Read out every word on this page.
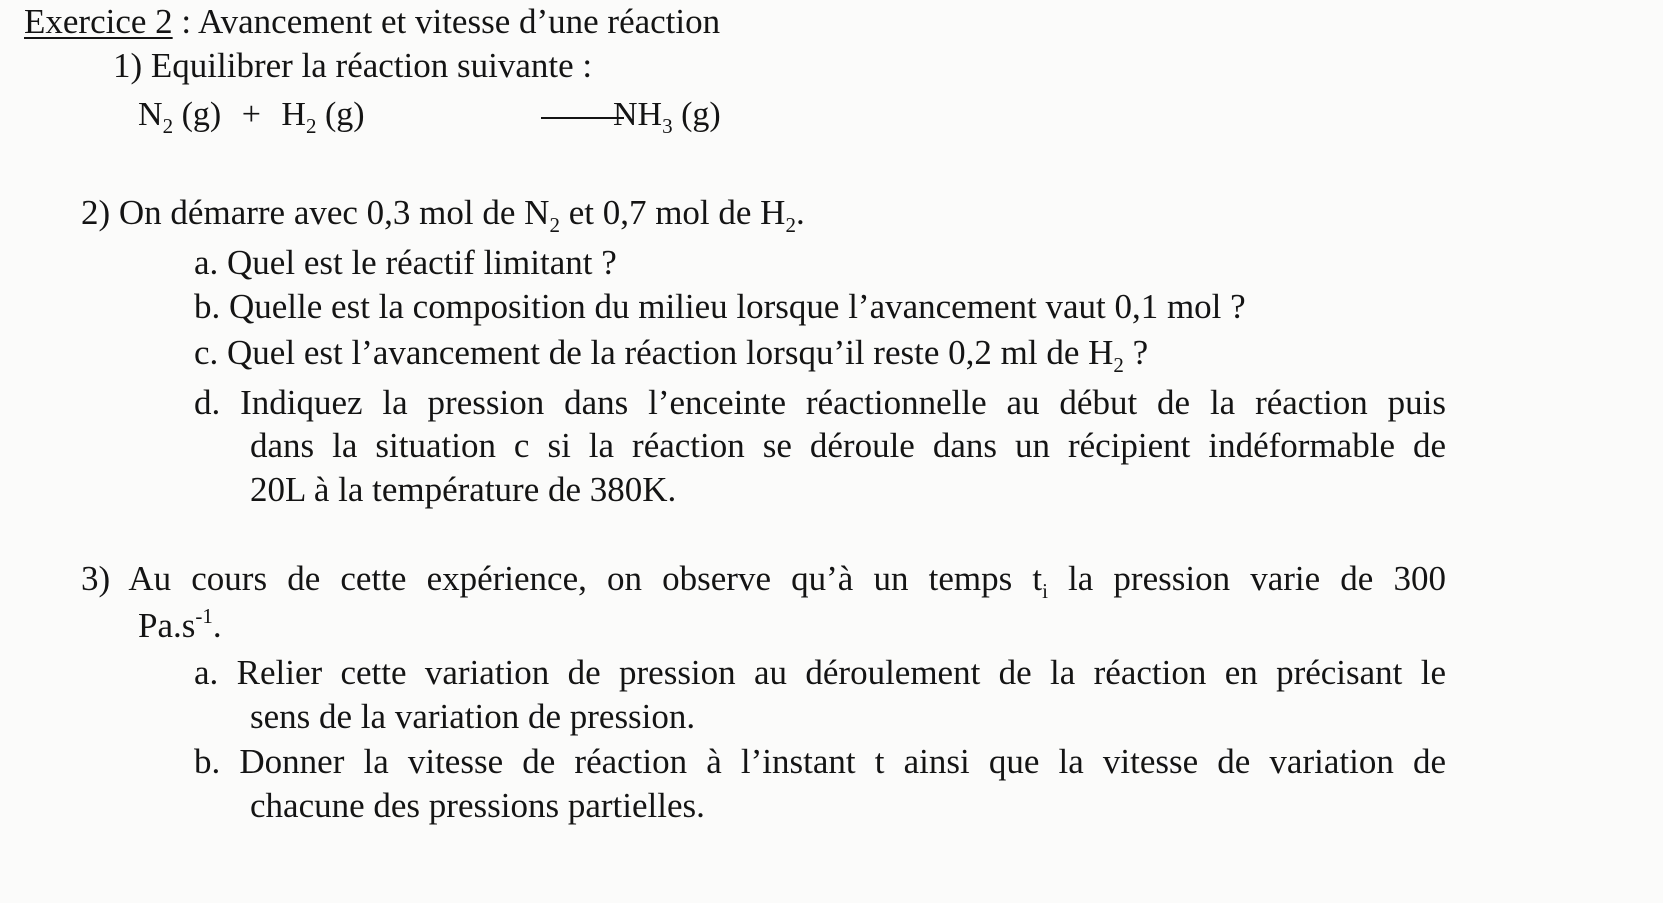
Exercice 2 : Avancement et vitesse d’une réaction
1) Equilibrer la réaction suivante :
$N_2$ $(g) + H_2$ (g)	$NH_3$ (g)
2) On démarre avec 0,3 mol de $N_2$ et 0,7 mol de $H_2$.
a. Quel est le réactif limitant ?
b. Quelle est la composition du milieu lorsque l’avancement vaut 0,1 mol ?
c. Quel est l’avancement de la réaction lorsqu’il reste 0,2 ml de $H_2$ ?
d. Indiquez la pression dans l’enceinte réactionnelle au début de la réaction puis
dans la situation c si la réaction se déroule dans un récipient indéformable de
20L à la température de 380K.
3) Au cours de cette expérience, on observe qu’à un temps $t_i$ la pression varie de 300
$Pa.s^{-1}$.
a. Relier cette variation de pression au déroulement de la réaction en précisant le
sens de la variation de pression.
b. Donner la vitesse de réaction à l’instant t ainsi que la vitesse de variation de
chacune des pressions partielles.
